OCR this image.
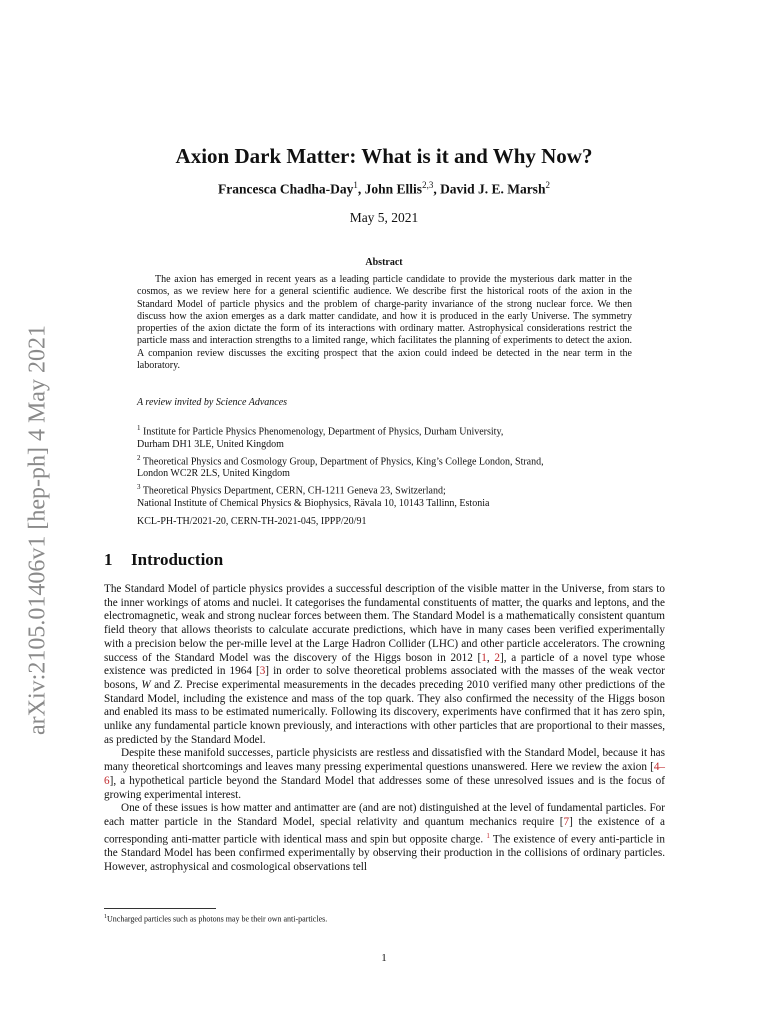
arXiv:2105.01406v1 [hep-ph] 4 May 2021
Axion Dark Matter: What is it and Why Now?
Francesca Chadha-Day$^1$, John Ellis$^{2,3}$, David J. E. Marsh$^2$
May 5, 2021
Abstract
The axion has emerged in recent years as a leading particle candidate to provide the mysterious dark matter in the cosmos, as we review here for a general scientific audience. We describe first the historical roots of the axion in the Standard Model of particle physics and the problem of charge-parity invariance of the strong nuclear force. We then discuss how the axion emerges as a dark matter candidate, and how it is produced in the early Universe. The symmetry properties of the axion dictate the form of its interactions with ordinary matter. Astrophysical considerations restrict the particle mass and interaction strengths to a limited range, which facilitates the planning of experiments to detect the axion. A companion review discusses the exciting prospect that the axion could indeed be detected in the near term in the laboratory.
A review invited by Science Advances
$^1$ Institute for Particle Physics Phenomenology, Department of Physics, Durham University,
Durham DH1 3LE, United Kingdom
$^2$ Theoretical Physics and Cosmology Group, Department of Physics, King’s College London, Strand,
London WC2R 2LS, United Kingdom
$^3$ Theoretical Physics Department, CERN, CH-1211 Geneva 23, Switzerland;
National Institute of Chemical Physics & Biophysics, Rävala 10, 10143 Tallinn, Estonia
KCL-PH-TH/2021-20, CERN-TH-2021-045, IPPP/20/91
1 Introduction

The Standard Model of particle physics provides a successful description of the visible matter in the Universe, from stars to the inner workings of atoms and nuclei. It categorises the fundamental constituents of matter, the quarks and leptons, and the electromagnetic, weak and strong nuclear forces between them. The Standard Model is a mathematically consistent quantum field theory that allows theorists to calculate accurate predictions, which have in many cases been verified experimentally with a precision below the per-mille level at the Large Hadron Collider (LHC) and other particle accelerators. The crowning success of the Standard Model was the discovery of the Higgs boson in 2012 [1, 2], a particle of a novel type whose existence was predicted in 1964 [3] in order to solve theoretical problems associated with the masses of the weak vector bosons, W and Z. Precise experimental measurements in the decades preceding 2010 verified many other predictions of the Standard Model, including the existence and mass of the top quark. They also confirmed the necessity of the Higgs boson and enabled its mass to be estimated numerically. Following its discovery, experiments have confirmed that it has zero spin, unlike any fundamental particle known previously, and interactions with other particles that are proportional to their masses, as predicted by the Standard Model.

Despite these manifold successes, particle physicists are restless and dissatisfied with the Standard Model, because it has many theoretical shortcomings and leaves many pressing experimental questions unanswered. Here we review the axion [4–6], a hypothetical particle beyond the Standard Model that addresses some of these unresolved issues and is the focus of growing experimental interest.

One of these issues is how matter and antimatter are (and are not) distinguished at the level of fundamental particles. For each matter particle in the Standard Model, special relativity and quantum mechanics require [7] the existence of a corresponding anti-matter particle with identical mass and spin but opposite charge. $^1$ The existence of every anti-particle in the Standard Model has been confirmed experimentally by observing their production in the collisions of ordinary particles. However, astrophysical and cosmological observations tell

$^1$Uncharged particles such as photons may be their own anti-particles.
1
